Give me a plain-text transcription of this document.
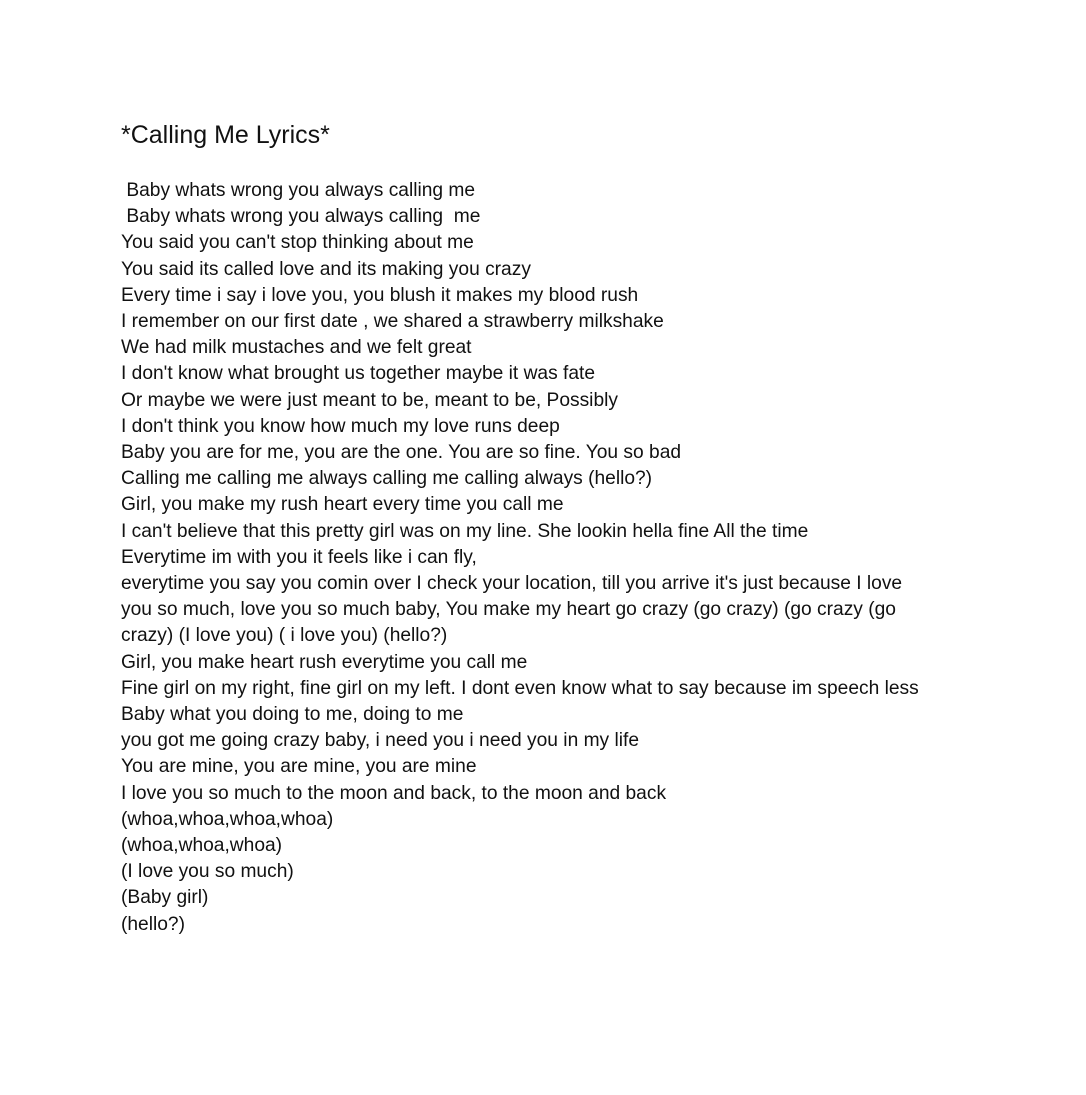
*Calling Me Lyrics*
Baby whats wrong you always calling me
Baby whats wrong you always calling  me
You said you can't stop thinking about me
You said its called love and its making you crazy
Every time i say i love you, you blush it makes my blood rush
I remember on our first date , we shared a strawberry milkshake
We had milk mustaches and we felt great
I don't know what brought us together maybe it was fate
Or maybe we were just meant to be, meant to be, Possibly
I don't think you know how much my love runs deep
Baby you are for me, you are the one. You are so fine. You so bad
Calling me calling me always calling me calling always (hello?)
Girl, you make my rush heart every time you call me
I can't believe that this pretty girl was on my line. She lookin hella fine All the time
Everytime im with you it feels like i can fly,
everytime you say you comin over I check your location, till you arrive it's just because I love
you so much, love you so much baby, You make my heart go crazy (go crazy) (go crazy (go
crazy) (I love you) ( i love you) (hello?)
Girl, you make heart rush everytime you call me
Fine girl on my right, fine girl on my left. I dont even know what to say because im speech less
Baby what you doing to me, doing to me
you got me going crazy baby, i need you i need you in my life
You are mine, you are mine, you are mine
I love you so much to the moon and back, to the moon and back
(whoa,whoa,whoa,whoa)
(whoa,whoa,whoa)
(I love you so much)
(Baby girl)
(hello?)
